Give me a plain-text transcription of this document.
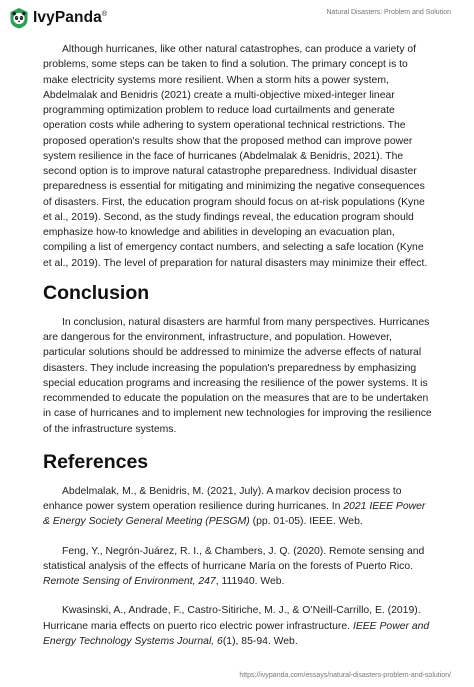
IvyPanda®	Natural Disasters: Problem and Solution

Although hurricanes, like other natural catastrophes, can produce a variety of problems, some steps can be taken to find a solution. The primary concept is to make electricity systems more resilient. When a storm hits a power system, Abdelmalak and Benidris (2021) create a multi-objective mixed-integer linear programming optimization problem to reduce load curtailments and generate operation costs while adhering to system operational technical restrictions. The proposed operation's results show that the proposed method can improve power system resilience in the face of hurricanes (Abdelmalak & Benidris, 2021). The second option is to improve natural catastrophe preparedness. Individual disaster preparedness is essential for mitigating and minimizing the negative consequences of disasters. First, the education program should focus on at-risk populations (Kyne et al., 2019). Second, as the study findings reveal, the education program should emphasize how-to knowledge and abilities in developing an evacuation plan, compiling a list of emergency contact numbers, and selecting a safe location (Kyne et al., 2019). The level of preparation for natural disasters may minimize their effect.

Conclusion

In conclusion, natural disasters are harmful from many perspectives. Hurricanes are dangerous for the environment, infrastructure, and population. However, particular solutions should be addressed to minimize the adverse effects of natural disasters. They include increasing the population's preparedness by emphasizing special education programs and increasing the resilience of the power systems. It is recommended to educate the population on the measures that are to be undertaken in case of hurricanes and to implement new technologies for improving the resilience of the infrastructure systems.

References

Abdelmalak, M., & Benidris, M. (2021, July). A markov decision process to enhance power system operation resilience during hurricanes. In 2021 IEEE Power & Energy Society General Meeting (PESGM) (pp. 01-05). IEEE. Web.

Feng, Y., Negrón-Juárez, R. I., & Chambers, J. Q. (2020). Remote sensing and statistical analysis of the effects of hurricane María on the forests of Puerto Rico. Remote Sensing of Environment, 247, 111940. Web.

Kwasinski, A., Andrade, F., Castro-Sitiriche, M. J., & O’Neill-Carrillo, E. (2019). Hurricane maria effects on puerto rico electric power infrastructure. IEEE Power and Energy Technology Systems Journal, 6(1), 85-94. Web.

https://ivypanda.com/essays/natural-disasters-problem-and-solution/
